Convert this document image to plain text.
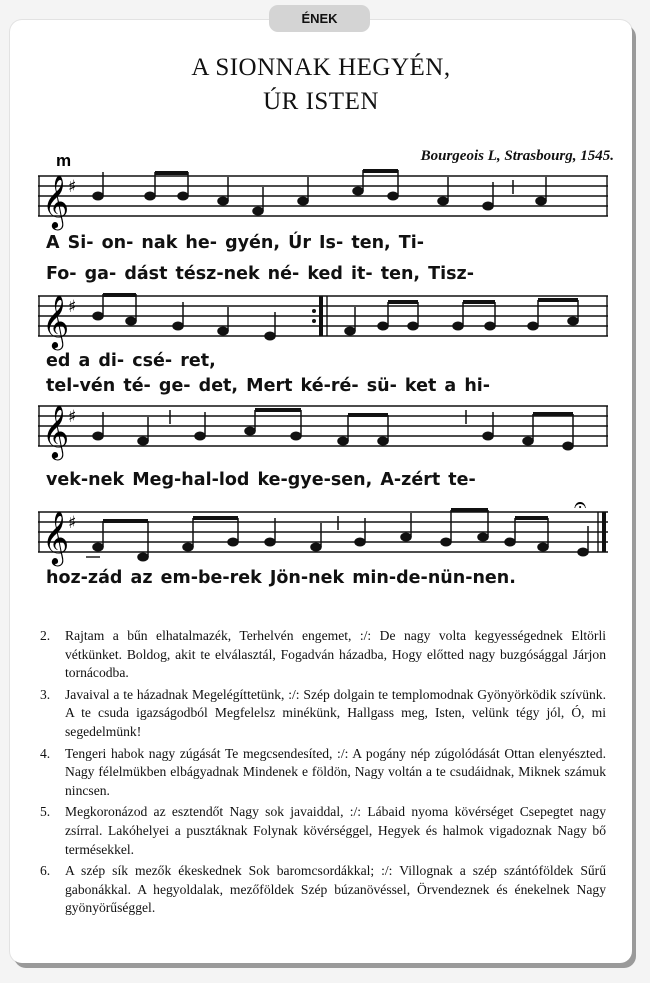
ÉNEK
A SIONNAK HEGYÉN,
ÚR ISTEN
Bourgeois L, Strasbourg, 1545.
m
𝄞
♯
A Si- on- nak he- gyén, Úr Is- ten, Ti-
Fo- ga- dást tész-nek né- ked it- ten, Tisz-
𝄞
♯
ed a di- csé- ret,
tel-vén té- ge- det, Mert ké-ré- sü- ket a hi-
𝄞
♯
vek-nek Meg-hal-lod ke-gye-sen, A-zért te-
𝄞
♯
𝄐
hoz-zád az em-be-rek Jön-nek min-de-nün-nen.
2. Rajtam a bűn elhatalmazék, Terhelvén engemet, :/: De nagy volta kegyességednek Eltörli vétkünket. Boldog, akit te elválasztál, Fogadván házadba, Hogy előtted nagy buzgósággal Járjon tornácodba.
3. Javaival a te házadnak Megelégíttetünk, :/: Szép dolgain te templomodnak Gyönyörködik szívünk. A te csuda igazságodból Megfelelsz minékünk, Hallgass meg, Isten, velünk tégy jól, Ó, mi segedelmünk!
4. Tengeri habok nagy zúgását Te megcsendesíted, :/: A pogány nép zúgolódását Ottan elenyészted. Nagy félelmükben elbágyadnak Mindenek e földön, Nagy voltán a te csudáidnak, Miknek számuk nincsen.
5. Megkoronázod az esztendőt Nagy sok javaiddal, :/: Lábaid nyoma kövérséget Csepegtet nagy zsírral. Lakóhelyei a pusztáknak Folynak kövérséggel, Hegyek és halmok vigadoznak Nagy bő termésekkel.
6. A szép sík mezők ékeskednek Sok baromcsordákkal; :/: Villognak a szép szántóföldek Sűrű gabonákkal. A hegyoldalak, mezőföldek Szép búzanövéssel, Örvendeznek és énekelnek Nagy gyönyörűséggel.
